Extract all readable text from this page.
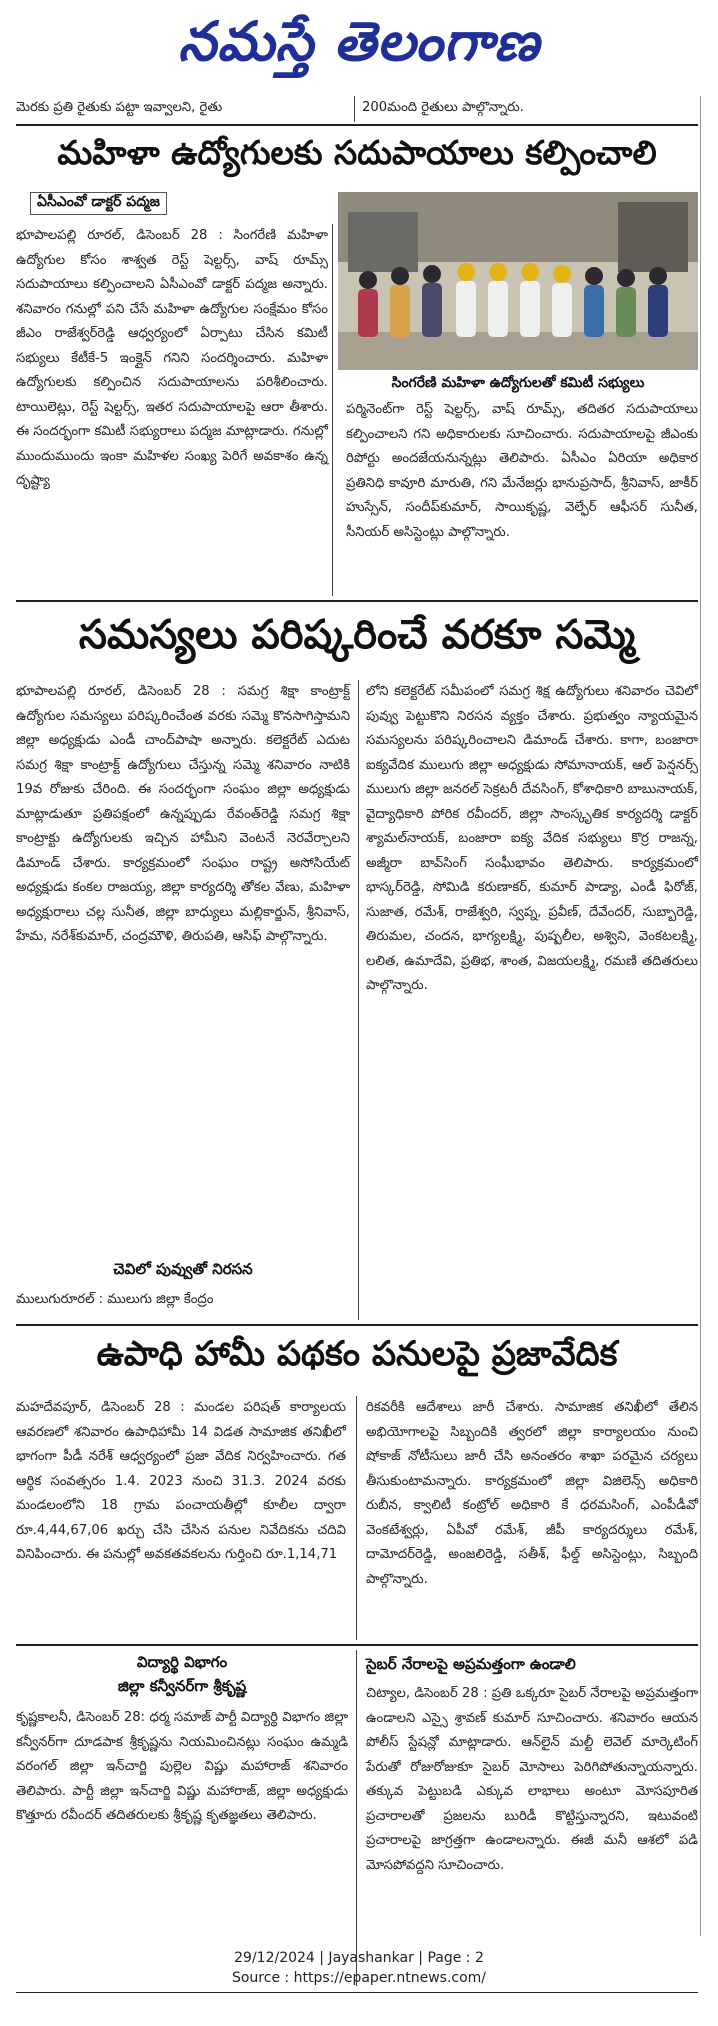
నమస్తే తెలంగాణ
మెరకు ప్రతి రైతుకు పట్టా ఇవ్వాలని, రైతు	200మంది రైతులు పాల్గొన్నారు.
మహిళా ఉద్యోగులకు సదుపాయాలు కల్పించాలి
ఏసీఎంవో డాక్టర్ పద్మజ

భూపాలపల్లి రూరల్, డిసెంబర్ 28 : సింగరేణి మహిళా ఉద్యోగుల కోసం శాశ్వత రెస్ట్ షెల్టర్స్, వాష్ రూమ్స్ సదుపాయాలు కల్పించాలని ఏసీఎంవో డాక్టర్ పద్మజ అన్నారు. శనివారం గనుల్లో పని చేసే మహిళా ఉద్యోగుల సంక్షేమం కోసం జీఎం రాజేశ్వర్‌రెడ్డి ఆధ్వర్యంలో ఏర్పాటు చేసిన కమిటీ సభ్యులు కేటీకే-5 ఇంక్లైన్ గనిని సందర్శించారు. మహిళా ఉద్యోగులకు కల్పించిన సదుపాయాలను పరిశీలించారు. టాయిలెట్లు, రెస్ట్ షెల్టర్స్, ఇతర సదుపాయాలపై ఆరా తీశారు. ఈ సందర్భంగా కమిటీ సభ్యురాలు పద్మజ మాట్లాడారు. గనుల్లో ముందుముందు ఇంకా మహిళల సంఖ్య పెరిగే అవకాశం ఉన్న దృష్ట్యా

సింగరేణి మహిళా ఉద్యోగులతో కమిటీ సభ్యులు

పర్మినెంట్‌గా రెస్ట్ షెల్టర్స్, వాష్ రూమ్స్, తదితర సదుపాయాలు కల్పించాలని గని అధికారులకు సూచించారు. సదుపాయాలపై జీఎంకు రిపోర్టు అందజేయనున్నట్లు తెలిపారు. ఏసీఎం ఏరియా అధికార ప్రతినిధి కావూరి మారుతి, గని మేనేజర్లు భానుప్రసాద్, శ్రీనివాస్, జాకీర్ హుస్సేన్, సందీప్‌కుమార్, సాయికృష్ణ, వెల్ఫేర్ ఆఫీసర్ సునీత, సీనియర్ అసిస్టెంట్లు పాల్గొన్నారు.

సమస్యలు పరిష్కరించే వరకూ సమ్మె

భూపాలపల్లి రూరల్, డిసెంబర్ 28 : సమగ్ర శిక్షా కాంట్రాక్ట్ ఉద్యోగుల సమస్యలు పరిష్కరించేంత వరకు సమ్మె కొనసాగిస్తామని జిల్లా అధ్యక్షుడు ఎండీ చాంద్‌పాషా అన్నారు. కలెక్టరేట్ ఎదుట సమగ్ర శిక్షా కాంట్రాక్ట్ ఉద్యోగులు చేస్తున్న సమ్మె శనివారం నాటికి 19వ రోజుకు చేరింది. ఈ సందర్భంగా సంఘం జిల్లా అధ్యక్షుడు మాట్లాడుతూ ప్రతిపక్షంలో ఉన్నప్పుడు రేవంత్‌రెడ్డి సమగ్ర శిక్షా కాంట్రాక్టు ఉద్యోగులకు ఇచ్చిన హామీని వెంటనే నెరవేర్చాలని డిమాండ్ చేశారు. కార్యక్రమంలో సంఘం రాష్ట్ర అసోసియేట్ అధ్యక్షుడు కంకల రాజయ్య, జిల్లా కార్యదర్శి తోకల వేణు, మహిళా అధ్యక్షురాలు చల్ల సునీత, జిల్లా బాధ్యులు మల్లికార్జున్, శ్రీనివాస్, హేమ, నరేశ్‌కుమార్, చంద్రమౌళి, తిరుపతి, ఆసిఫ్ పాల్గొన్నారు.

చెవిలో పువ్వుతో నిరసన
ములుగురూరల్ : ములుగు జిల్లా కేంద్రం

లోని కలెక్టరేట్ సమీపంలో సమగ్ర శిక్ష ఉద్యోగులు శనివారం చెవిలో పువ్వు పెట్టుకొని నిరసన వ్యక్తం చేశారు. ప్రభుత్వం న్యాయమైన సమస్యలను పరిష్కరించాలని డిమాండ్ చేశారు. కాగా, బంజారా ఐక్యవేదిక ములుగు జిల్లా అధ్యక్షుడు సోమానాయక్, ఆల్ పెన్షనర్స్ ములుగు జిల్లా జనరల్ సెక్రటరీ దేవసింగ్, కోశాధికారి బాబునాయక్, వైద్యాధికారి పోరిక రవీందర్, జిల్లా సాంస్కృతిక కార్యదర్శి డాక్టర్ శ్యామల్‌నాయక్, బంజారా ఐక్య వేదిక సభ్యులు కొర్ర రాజన్న, అజ్మీరా బావ్‌సింగ్ సంఘీభావం తెలిపారు. కార్యక్రమంలో భాస్కర్‌రెడ్డి, సోమిడి కరుణాకర్, కుమార్ పాడ్యా, ఎండీ ఫిరోజ్, సుజాత, రమేశ్, రాజేశ్వరి, స్వప్న, ప్రవీణ్, దేవేందర్, సుబ్బారెడ్డి, తిరుమల, చందన, భాగ్యలక్ష్మి, పుష్పలీల, అశ్విని, వెంకటలక్ష్మి, లలిత, ఉమాదేవి, ప్రతిభ, శాంత, విజయలక్ష్మి, రమణి తదితరులు పాల్గొన్నారు.

ఉపాధి హామీ పథకం పనులపై ప్రజావేదిక

మహదేవపూర్, డిసెంబర్ 28 : మండల పరిషత్ కార్యాలయ ఆవరణలో శనివారం ఉపాధిహామీ 14 విడత సామాజిక తనిఖీలో భాగంగా పీడీ నరేశ్ ఆధ్వర్యంలో ప్రజా వేదిక నిర్వహించారు. గత ఆర్థిక సంవత్సరం 1.4. 2023 నుంచి 31.3. 2024 వరకు మండలంలోని 18 గ్రామ పంచాయతీల్లో కూలీల ద్వారా రూ.4,44,67,06 ఖర్చు చేసి చేసిన పనుల నివేదికను చదివి వినిపించారు. ఈ పనుల్లో అవకతవకలను గుర్తించి రూ.1,14,71

రికవరీకి ఆదేశాలు జారీ చేశారు. సామాజిక తనిఖీలో తేలిన అభియోగాలపై సిబ్బందికి త్వరలో జిల్లా కార్యాలయం నుంచి షోకాజ్ నోటీసులు జారీ చేసి అనంతరం శాఖా పరమైన చర్యలు తీసుకుంటామన్నారు. కార్యక్రమంలో జిల్లా విజిలెన్స్ అధికారి రుబీన, క్వాలిటీ కంట్రోల్ అధికారి కే ధరమసింగ్, ఎంపీడీవో వెంకటేశ్వర్లు, ఏపీవో రమేశ్, జీపీ కార్యదర్శులు రమేశ్, దామోదర్‌రెడ్డి, అంజలిరెడ్డి, సతీశ్, ఫీల్డ్ అసిస్టెంట్లు, సిబ్బంది పాల్గొన్నారు.

విద్యార్థి విభాగం
జిల్లా కన్వీనర్‌గా శ్రీకృష్ణ

కృష్ణకాలనీ, డిసెంబర్ 28: ధర్మ సమాజ్ పార్టీ విద్యార్థి విభాగం జిల్లా కన్వీనర్‌గా దూడపాక శ్రీకృష్ణను నియమించినట్లు సంఘం ఉమ్మడి వరంగల్ జిల్లా ఇన్‌చార్జి పుల్లెల విష్ణు మహారాజ్ శనివారం తెలిపారు. పార్టీ జిల్లా ఇన్‌చార్జి విష్ణు మహారాజ్, జిల్లా అధ్యక్షుడు కొత్తూరు రవీందర్ తదితరులకు శ్రీకృష్ణ కృతజ్ఞతలు తెలిపారు.

సైబర్ నేరాలపై అప్రమత్తంగా ఉండాలి

చిట్యాల, డిసెంబర్ 28 : ప్రతి ఒక్కరూ సైబర్ నేరాలపై అప్రమత్తంగా ఉండాలని ఎస్సై శ్రావణ్ కుమార్ సూచించారు. శనివారం ఆయన పోలీస్ స్టేషన్లో మాట్లాడారు. ఆన్‌లైన్ మల్టీ లెవెల్ మార్కెటింగ్ పేరుతో రోజురోజుకూ సైబర్ మోసాలు పెరిగిపోతున్నాయన్నారు. తక్కువ పెట్టుబడి ఎక్కువ లాభాలు అంటూ మోసపూరిత ప్రచారాలతో ప్రజలను బురిడీ కొట్టిస్తున్నారని, ఇటువంటి ప్రచారాలపై జాగ్రత్తగా ఉండాలన్నారు. ఈజీ మనీ ఆశలో పడి మోసపోవద్దని సూచించారు.

29/12/2024 | Jayashankar | Page : 2
Source : https://epaper.ntnews.com/
